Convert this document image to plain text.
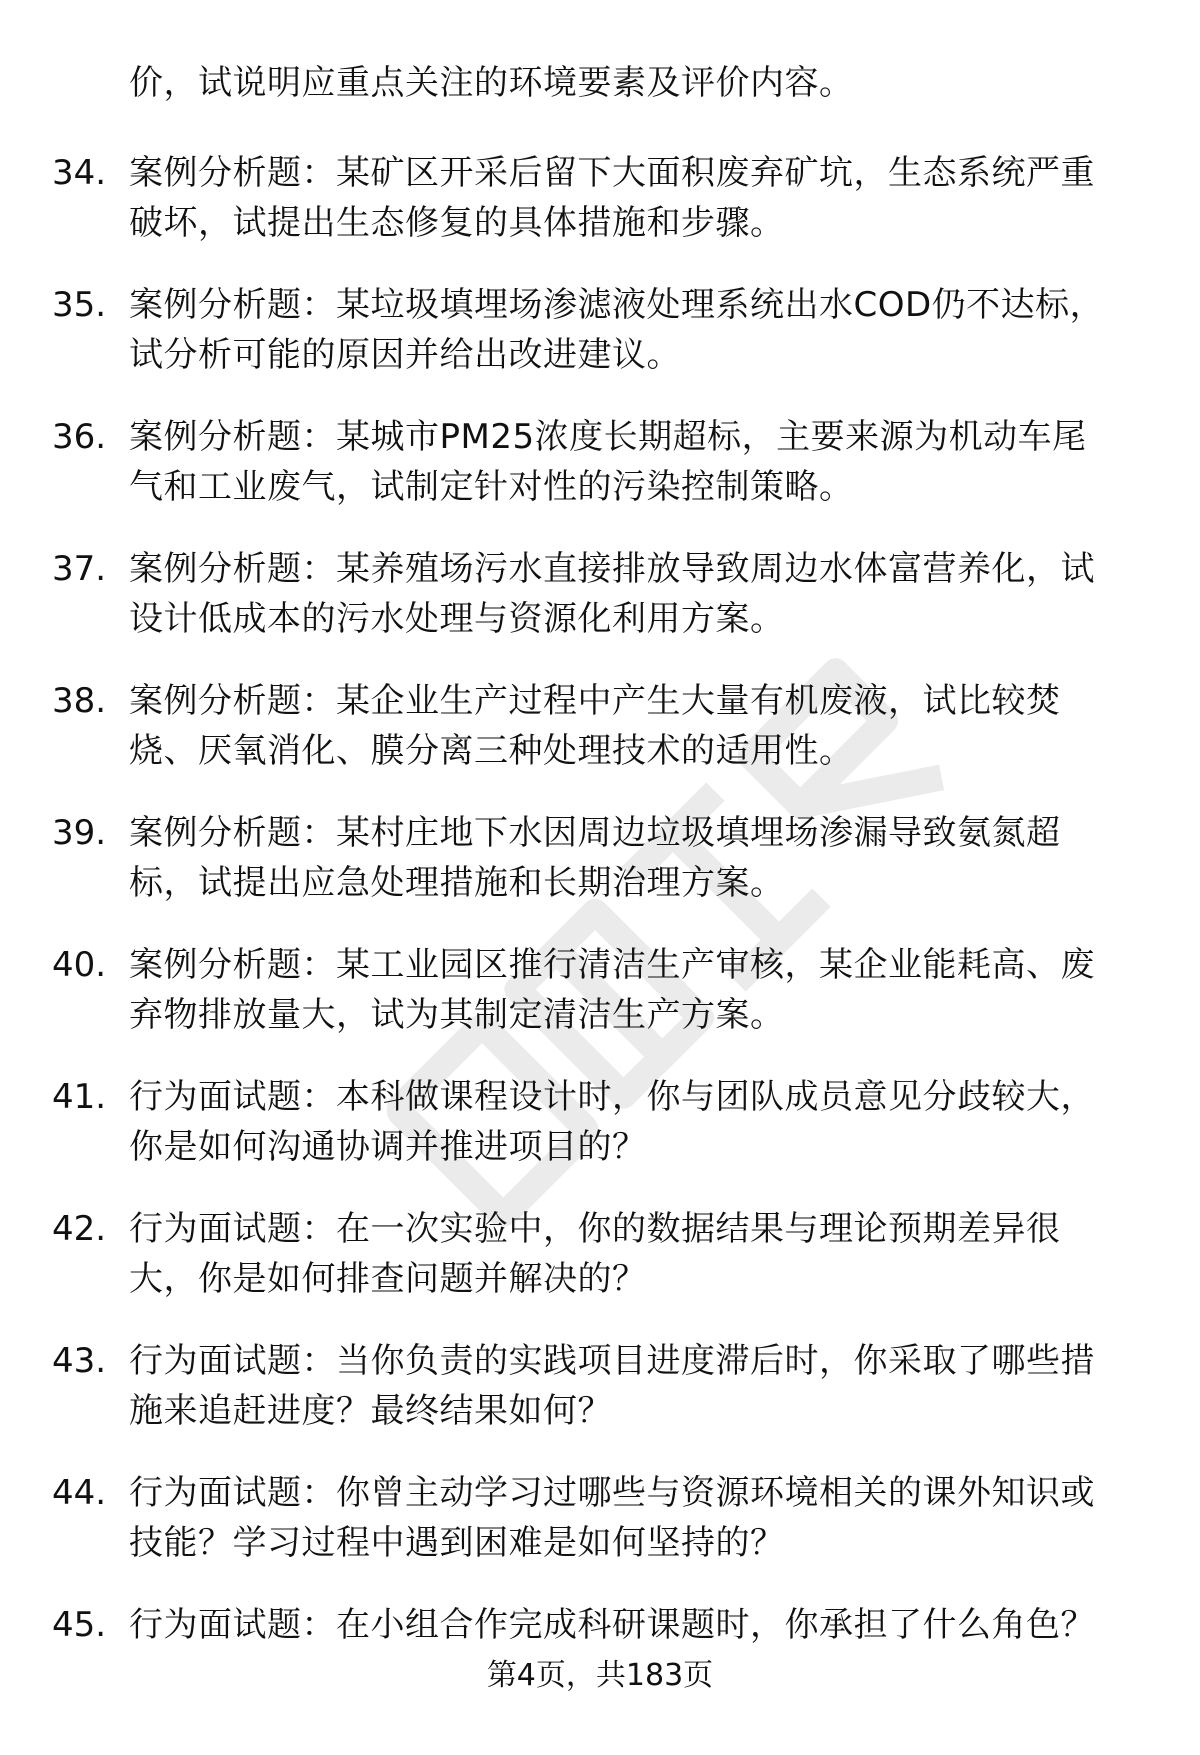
价，试说明应重点关注的环境要素及评价内容。
34. 案例分析题：某矿区开采后留下大面积废弃矿坑，生态系统严重
破坏，试提出生态修复的具体措施和步骤。
35. 案例分析题：某垃圾填埋场渗滤液处理系统出水COD仍不达标，
试分析可能的原因并给出改进建议。
36. 案例分析题：某城市PM25浓度长期超标，主要来源为机动车尾
气和工业废气，试制定针对性的污染控制策略。
37. 案例分析题：某养殖场污水直接排放导致周边水体富营养化，试
设计低成本的污水处理与资源化利用方案。
38. 案例分析题：某企业生产过程中产生大量有机废液，试比较焚
烧、厌氧消化、膜分离三种处理技术的适用性。
39. 案例分析题：某村庄地下水因周边垃圾填埋场渗漏导致氨氮超
标，试提出应急处理措施和长期治理方案。
40. 案例分析题：某工业园区推行清洁生产审核，某企业能耗高、废
弃物排放量大，试为其制定清洁生产方案。
41. 行为面试题：本科做课程设计时，你与团队成员意见分歧较大，
你是如何沟通协调并推进项目的？
42. 行为面试题：在一次实验中，你的数据结果与理论预期差异很
大，你是如何排查问题并解决的？
43. 行为面试题：当你负责的实践项目进度滞后时，你采取了哪些措
施来追赶进度？最终结果如何？
44. 行为面试题：你曾主动学习过哪些与资源环境相关的课外知识或
技能？学习过程中遇到困难是如何坚持的？
45. 行为面试题：在小组合作完成科研课题时，你承担了什么角色？
第4页，共183页
